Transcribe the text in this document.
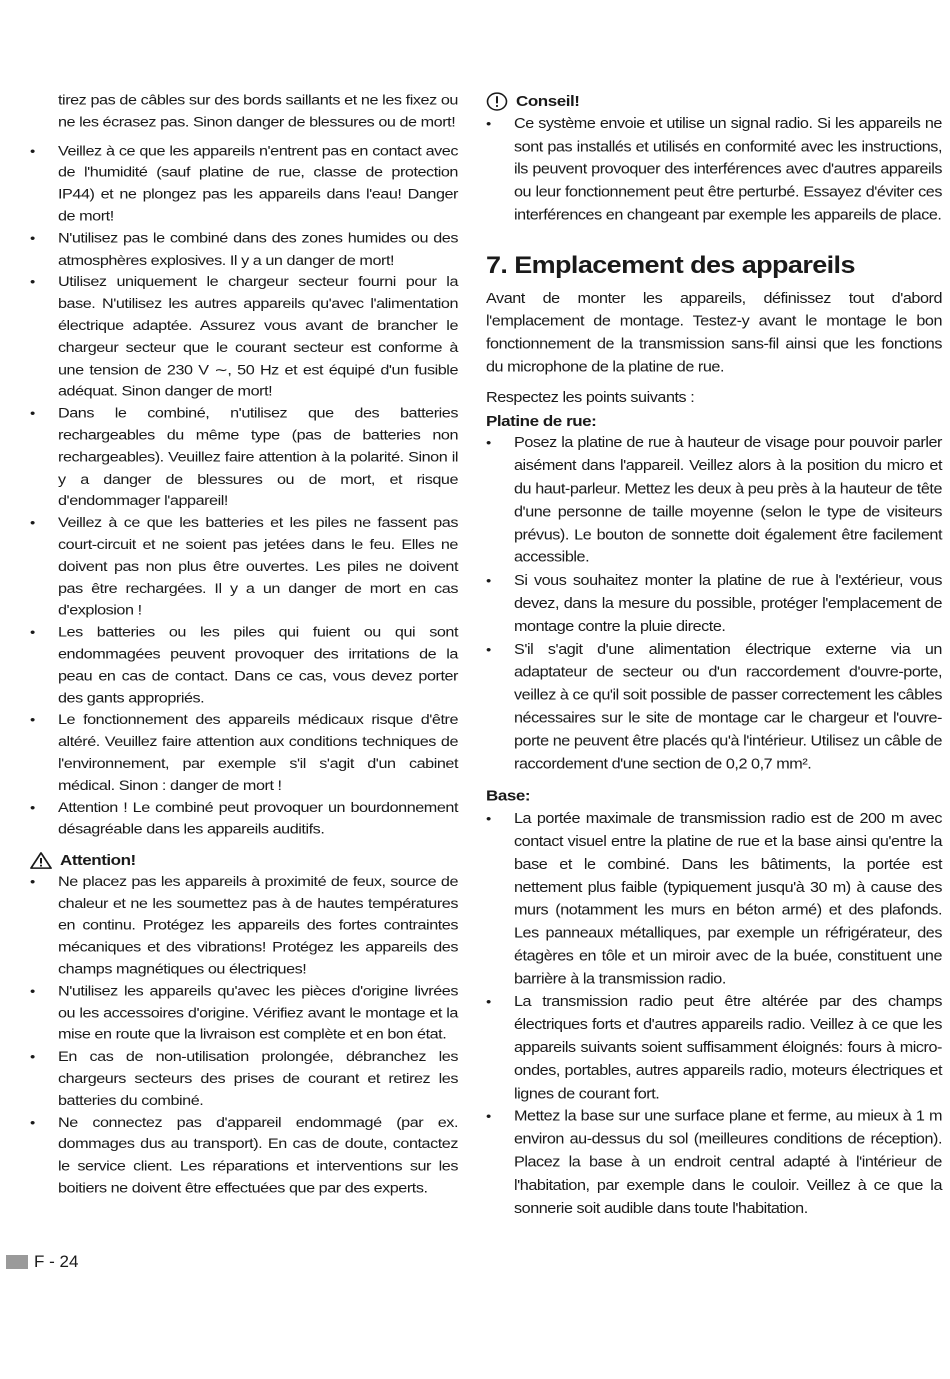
tirez pas de câbles sur des bords saillants et ne les fixez ou ne les écrasez pas. Sinon danger de blessures ou de mort!
• Veillez à ce que les appareils n'entrent pas en contact avec de l'humidité (sauf platine de rue, classe de protection IP44) et ne plongez pas les appareils dans l'eau! Danger de mort!
• N'utilisez pas le combiné dans des zones humides ou des atmosphères explosives. Il y a un danger de mort!
• Utilisez uniquement le chargeur secteur fourni pour la base. N'utilisez les autres appareils qu'avec l'alimentation électrique adaptée. Assurez vous avant de brancher le chargeur secteur que le courant secteur est conforme à une tension de 230 V ∼, 50 Hz et est équipé d'un fusible adéquat. Sinon danger de mort!
• Dans le combiné, n'utilisez que des batteries rechargeables du même type (pas de batteries non rechargeables). Veuillez faire attention à la polarité. Sinon il y a danger de blessures ou de mort, et risque d'endommager l'appareil!
• Veillez à ce que les batteries et les piles ne fassent pas court-circuit et ne soient pas jetées dans le feu. Elles ne doivent pas non plus être ouvertes. Les piles ne doivent pas être rechargées. Il y a un danger de mort en cas d'explosion !
• Les batteries ou les piles qui fuient ou qui sont endommagées peuvent provoquer des irritations de la peau en cas de contact. Dans ce cas, vous devez porter des gants appropriés.
• Le fonctionnement des appareils médicaux risque d'être altéré. Veuillez faire attention aux conditions techniques de l'environnement, par exemple s'il s'agit d'un cabinet médical. Sinon : danger de mort !
• Attention ! Le combiné peut provoquer un bourdonnement désagréable dans les appareils auditifs.
Attention!
• Ne placez pas les appareils à proximité de feux, source de chaleur et ne les soumettez pas à de hautes températures en continu. Protégez les appareils des fortes contraintes mécaniques et des vibrations! Protégez les appareils des champs magnétiques ou électriques!
• N'utilisez les appareils qu'avec les pièces d'origine livrées ou les accessoires d'origine. Vérifiez avant le montage et la mise en route que la livraison est complète et en bon état.
• En cas de non-utilisation prolongée, débranchez les chargeurs secteurs des prises de courant et retirez les batteries du combiné.
• Ne connectez pas d'appareil endommagé (par ex. dommages dus au transport). En cas de doute, contactez le service client. Les réparations et interventions sur les boitiers ne doivent être effectuées que par des experts.
Conseil!
• Ce système envoie et utilise un signal radio. Si les appareils ne sont pas installés et utilisés en conformité avec les instructions, ils peuvent provoquer des interférences avec d'autres appareils ou leur fonctionnement peut être perturbé. Essayez d'éviter ces interférences en changeant par exemple les appareils de place.
7. Emplacement des appareils
Avant de monter les appareils, définissez tout d'abord l'emplacement de montage. Testez-y avant le montage le bon fonctionnement de la transmission sans-fil ainsi que les fonctions du microphone de la platine de rue.
Respectez les points suivants :
Platine de rue:
• Posez la platine de rue à hauteur de visage pour pouvoir parler aisément dans l'appareil. Veillez alors à la position du micro et du haut-parleur. Mettez les deux à peu près à la hauteur de tête d'une personne de taille moyenne (selon le type de visiteurs prévus). Le bouton de sonnette doit également être facilement accessible.
• Si vous souhaitez monter la platine de rue à l'extérieur, vous devez, dans la mesure du possible, protéger l'emplacement de montage contre la pluie directe.
• S'il s'agit d'une alimentation électrique externe via un adaptateur de secteur ou d'un raccordement d'ouvre-porte, veillez à ce qu'il soit possible de passer correctement les câbles nécessaires sur le site de montage car le chargeur et l'ouvre-porte ne peuvent être placés qu'à l'intérieur. Utilisez un câble de raccordement d'une section de 0,2 0,7 mm².
Base:
• La portée maximale de transmission radio est de 200 m avec contact visuel entre la platine de rue et la base ainsi qu'entre la base et le combiné. Dans les bâtiments, la portée est nettement plus faible (typiquement jusqu'à 30 m) à cause des murs (notamment les murs en béton armé) et des plafonds. Les panneaux métalliques, par exemple un réfrigérateur, des étagères en tôle et un miroir avec de la buée, constituent une barrière à la transmission radio.
• La transmission radio peut être altérée par des champs électriques forts et d'autres appareils radio. Veillez à ce que les appareils suivants soient suffisamment éloignés: fours à micro-ondes, portables, autres appareils radio, moteurs électriques et lignes de courant fort.
• Mettez la base sur une surface plane et ferme, au mieux à 1 m environ au-dessus du sol (meilleures conditions de réception). Placez la base à un endroit central adapté à l'intérieur de l'habitation, par exemple dans le couloir. Veillez à ce que la sonnerie soit audible dans toute l'habitation.
F - 24
